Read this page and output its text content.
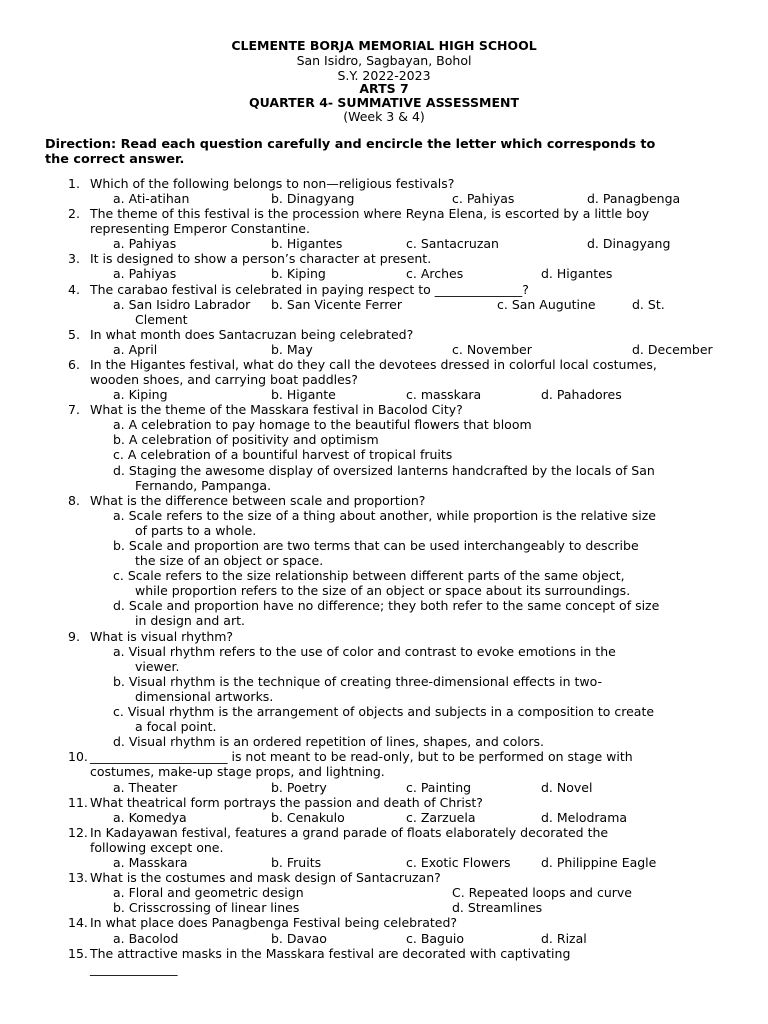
CLEMENTE BORJA MEMORIAL HIGH SCHOOL
San Isidro, Sagbayan, Bohol
S.Y. 2022-2023
ARTS 7
QUARTER 4- SUMMATIVE ASSESSMENT
(Week 3 & 4)
Direction: Read each question carefully and encircle the letter which corresponds to
the correct answer.
1. Which of the following belongs to non—religious festivals?
a. Ati-atihan	b. Dinagyang	c. Pahiyas	d. Panagbenga
2. The theme of this festival is the procession where Reyna Elena, is escorted by a little boy
representing Emperor Constantine.
a. Pahiyas	b. Higantes	c. Santacruzan	d. Dinagyang
3. It is designed to show a person’s character at present.
a. Pahiyas	b. Kiping	c. Arches	d. Higantes
4. The carabao festival is celebrated in paying respect to ______________?
a. San Isidro Labrador b. San Vicente Ferrer	c. San Augutine	d. St.
Clement
5. In what month does Santacruzan being celebrated?
a. April	b. May	c. November	d. December
6. In the Higantes festival, what do they call the devotees dressed in colorful local costumes,
wooden shoes, and carrying boat paddles?
a. Kiping	b. Higante	c. masskara	d. Pahadores
7. What is the theme of the Masskara festival in Bacolod City?
a. A celebration to pay homage to the beautiful flowers that bloom
b. A celebration of positivity and optimism
c. A celebration of a bountiful harvest of tropical fruits
d. Staging the awesome display of oversized lanterns handcrafted by the locals of San
Fernando, Pampanga.
8. What is the difference between scale and proportion?
a. Scale refers to the size of a thing about another, while proportion is the relative size
of parts to a whole.
b. Scale and proportion are two terms that can be used interchangeably to describe
the size of an object or space.
c. Scale refers to the size relationship between different parts of the same object,
while proportion refers to the size of an object or space about its surroundings.
d. Scale and proportion have no difference; they both refer to the same concept of size
in design and art.
9. What is visual rhythm?
a. Visual rhythm refers to the use of color and contrast to evoke emotions in the
viewer.
b. Visual rhythm is the technique of creating three-dimensional effects in two-
dimensional artworks.
c. Visual rhythm is the arrangement of objects and subjects in a composition to create
a focal point.
d. Visual rhythm is an ordered repetition of lines, shapes, and colors.
10. ______________________ is not meant to be read-only, but to be performed on stage with
costumes, make-up stage props, and lightning.
a. Theater	b. Poetry	c. Painting	d. Novel
11. What theatrical form portrays the passion and death of Christ?
a. Komedya	b. Cenakulo	c. Zarzuela	d. Melodrama
12. In Kadayawan festival, features a grand parade of floats elaborately decorated the
following except one.
a. Masskara	b. Fruits	c. Exotic Flowers d. Philippine Eagle
13. What is the costumes and mask design of Santacruzan?
a. Floral and geometric design	C. Repeated loops and curve
b. Crisscrossing of linear lines	d. Streamlines
14. In what place does Panagbenga Festival being celebrated?
a. Bacolod	b. Davao	c. Baguio	d. Rizal
15. The attractive masks in the Masskara festival are decorated with captivating
______________
